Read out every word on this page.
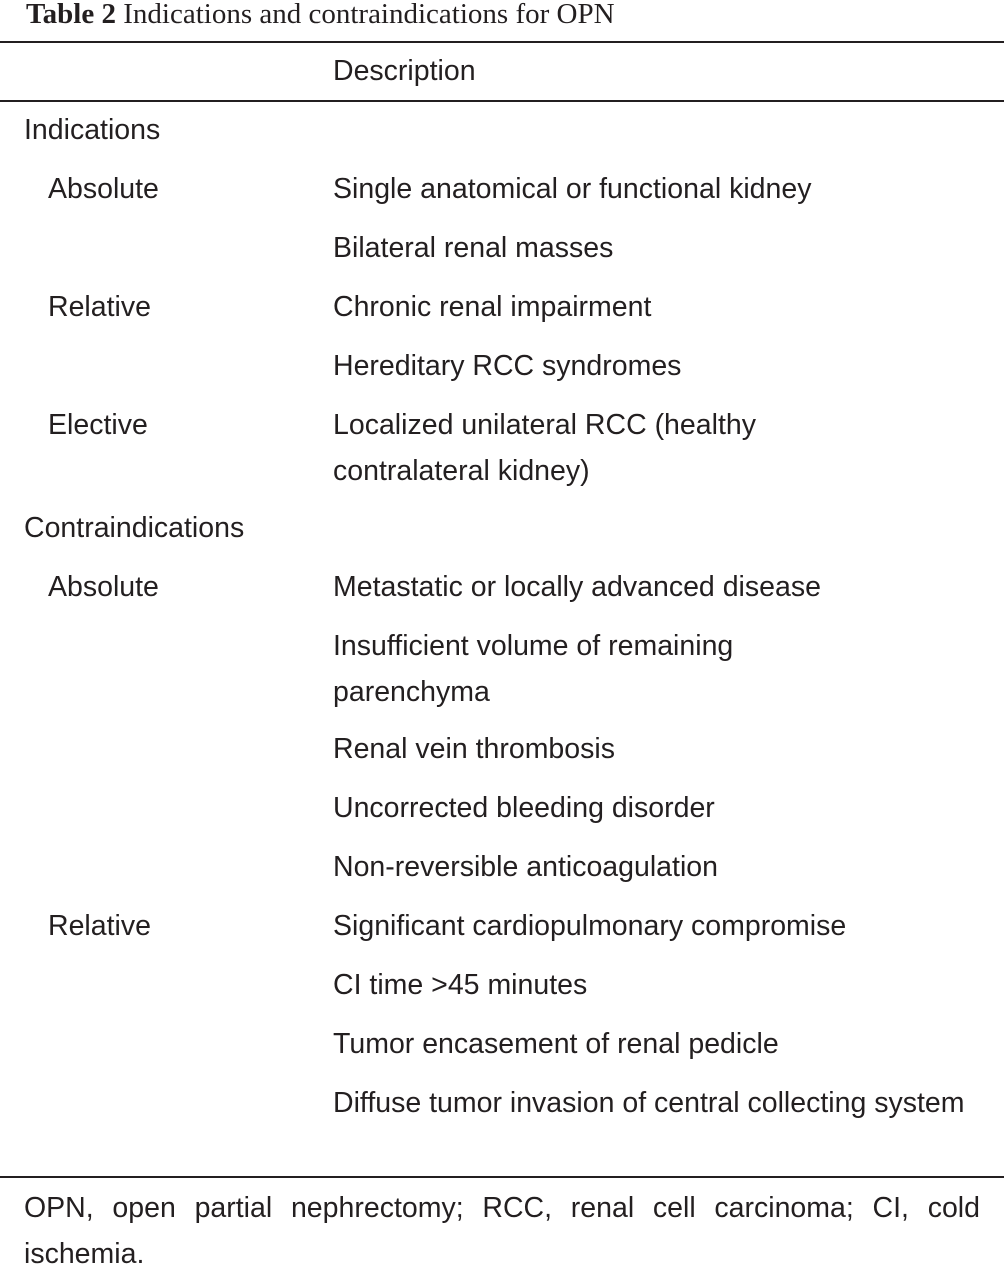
Table 2 Indications and contraindications for OPN
Description
Indications
Absolute	Single anatomical or functional kidney
Bilateral renal masses
Relative	Chronic renal impairment
Hereditary RCC syndromes
Elective	Localized unilateral RCC (healthy contralateral kidney)
Contraindications
Absolute	Metastatic or locally advanced disease
Insufficient volume of remaining parenchyma
Renal vein thrombosis
Uncorrected bleeding disorder
Non-reversible anticoagulation
Relative	Significant cardiopulmonary compromise
CI time >45 minutes
Tumor encasement of renal pedicle
Diffuse tumor invasion of central collecting system

OPN, open partial nephrectomy; RCC, renal cell carcinoma; CI, cold ischemia.
